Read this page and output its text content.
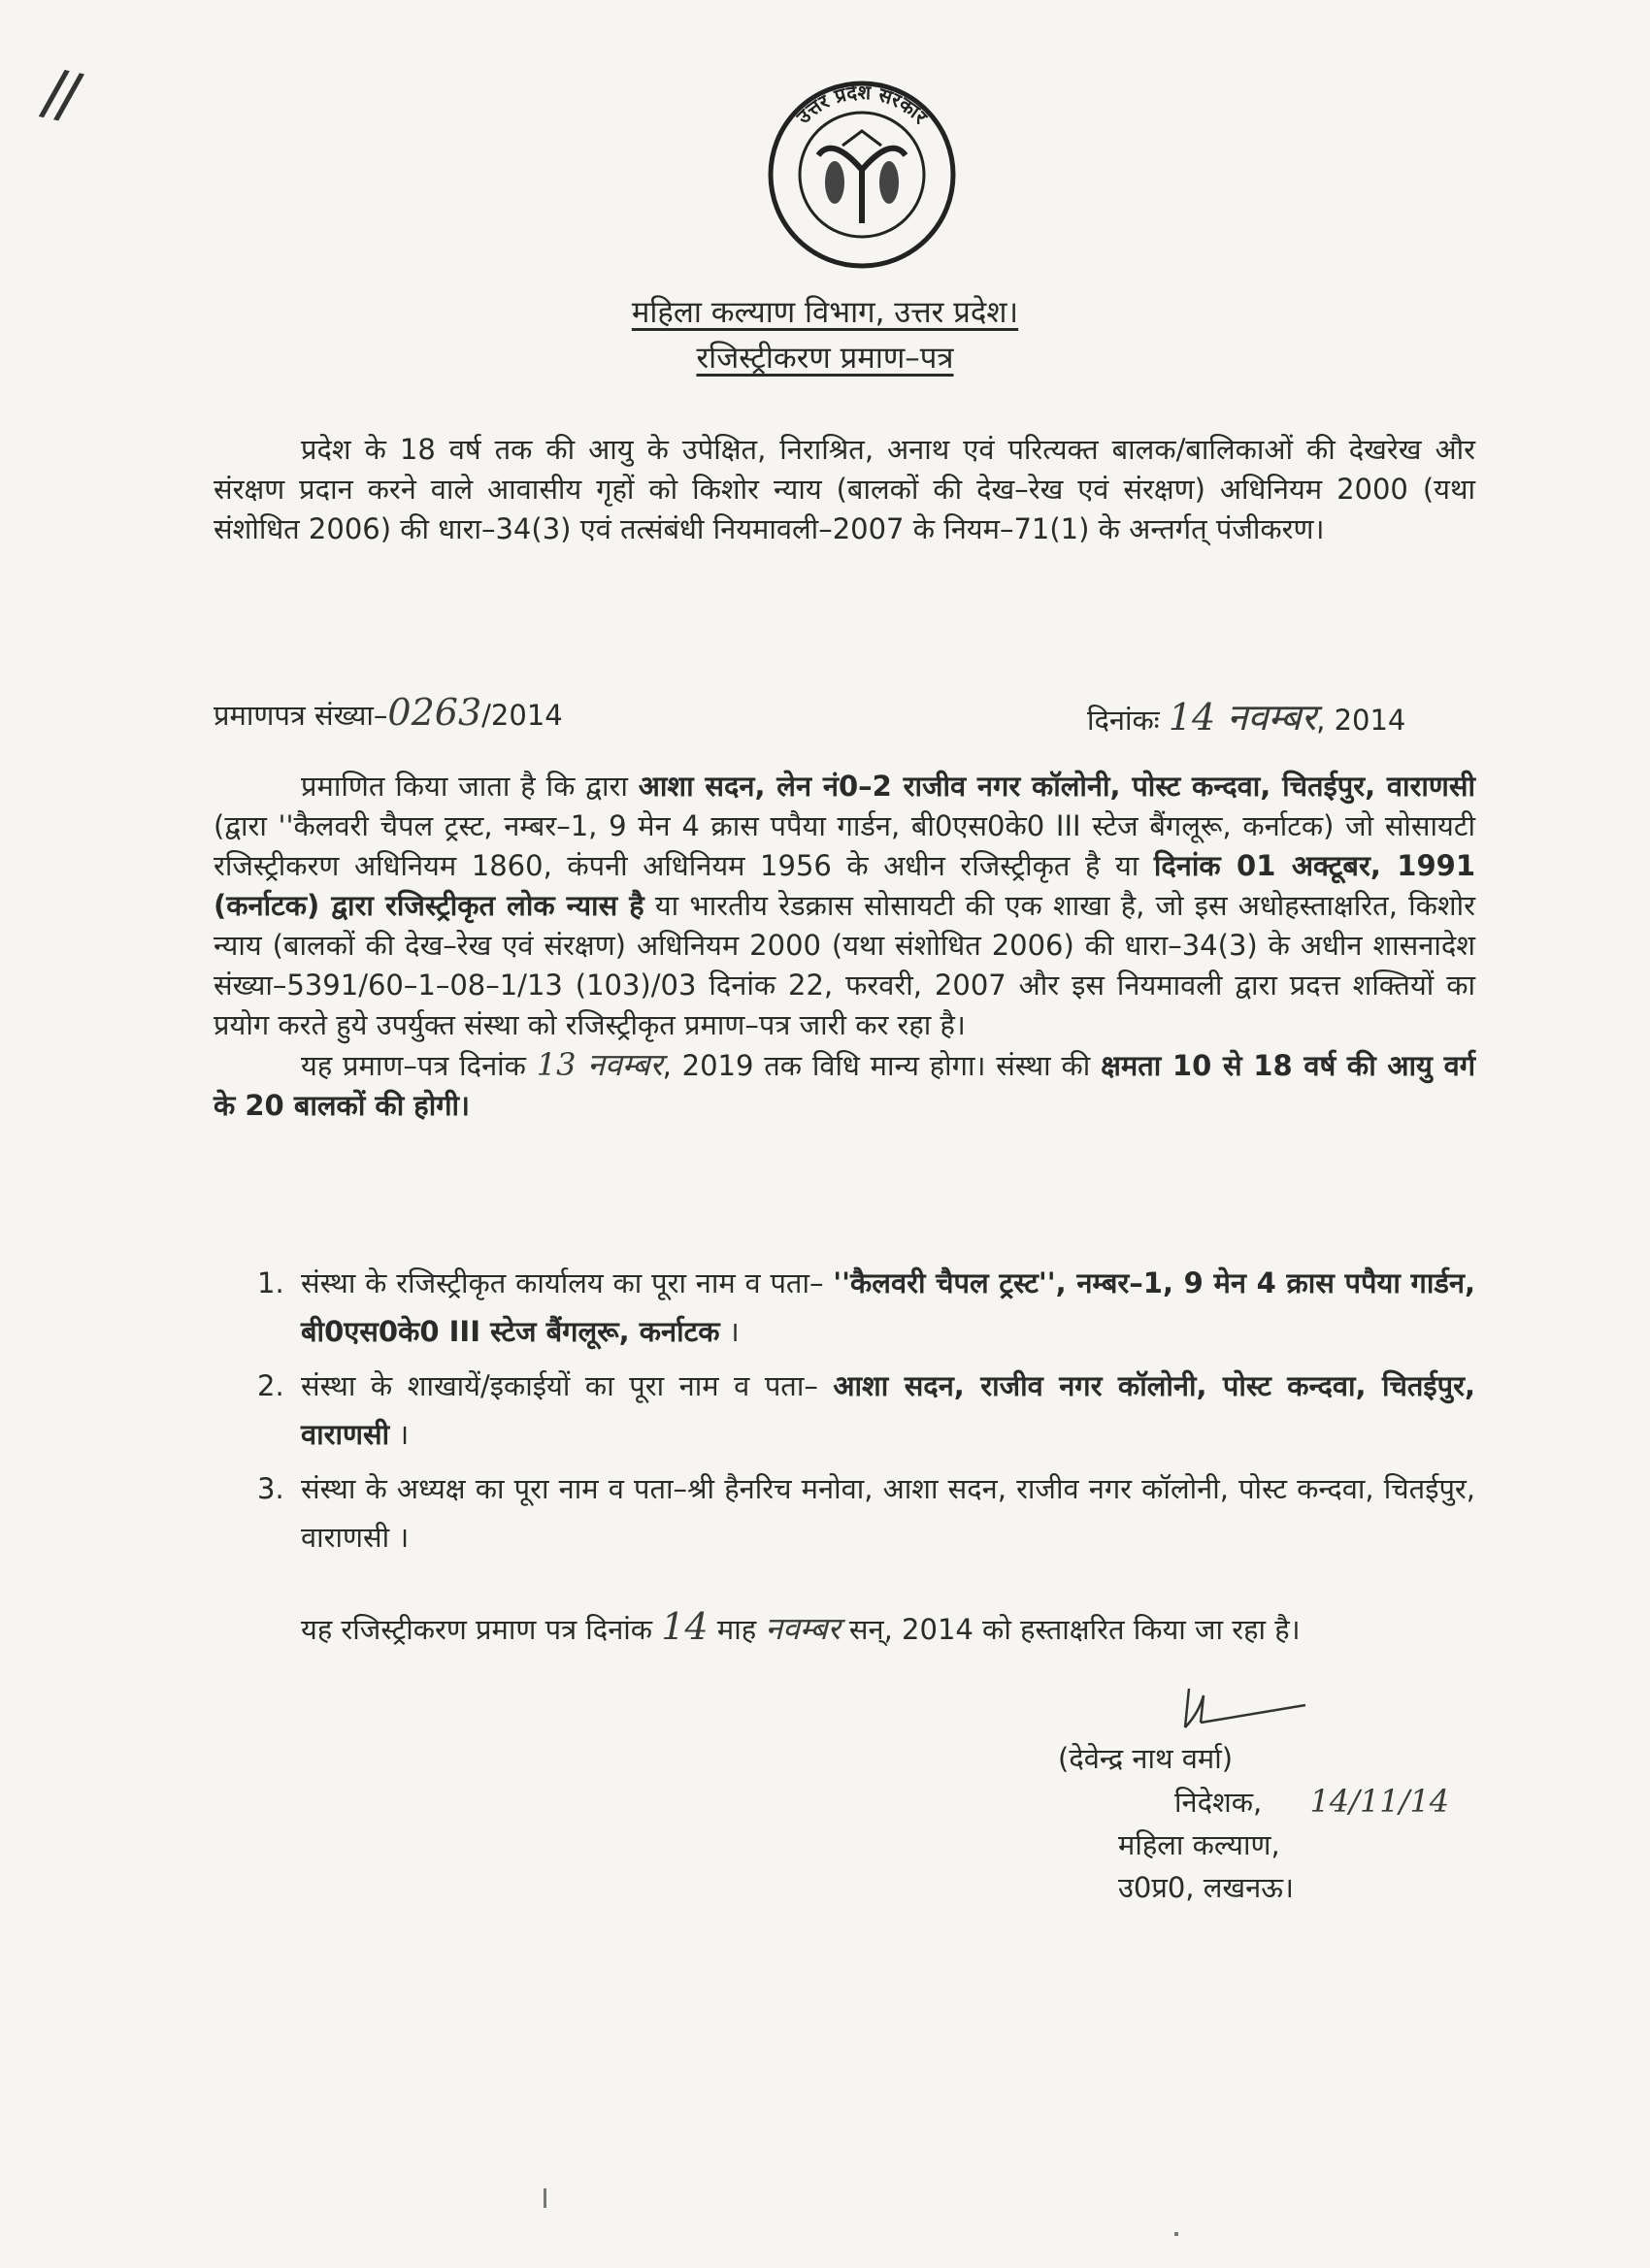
//	उत्तर प्रदेश सरकार
महिला कल्याण विभाग, उत्तर प्रदेश।
रजिस्ट्रीकरण प्रमाण–पत्र

प्रदेश के 18 वर्ष तक की आयु के उपेक्षित, निराश्रित, अनाथ एवं परित्यक्त बालक/बालिकाओं की देखरेख और संरक्षण प्रदान करने वाले आवासीय गृहों को किशोर न्याय (बालकों की देख–रेख एवं संरक्षण) अधिनियम 2000 (यथा संशोधित 2006) की धारा–34(3) एवं तत्संबंधी नियमावली–2007 के नियम–71(1) के अन्तर्गत् पंजीकरण।

प्रमाणपत्र संख्या–0263/2014	दिनांकः 14 नवम्बर, 2014

प्रमाणित किया जाता है कि द्वारा आशा सदन, लेन नं0–2 राजीव नगर कॉलोनी, पोस्ट कन्दवा, चितईपुर, वाराणसी (द्वारा ''कैलवरी चैपल ट्रस्ट, नम्बर–1, 9 मेन 4 क्रास पपैया गार्डन, बी0एस0के0 III स्टेज बैंगलूरू, कर्नाटक) जो सोसायटी रजिस्ट्रीकरण अधिनियम 1860, कंपनी अधिनियम 1956 के अधीन रजिस्ट्रीकृत है या दिनांक 01 अक्टूबर, 1991 (कर्नाटक) द्वारा रजिस्ट्रीकृत लोक न्यास है या भारतीय रेडक्रास सोसायटी की एक शाखा है, जो इस अधोहस्ताक्षरित, किशोर न्याय (बालकों की देख–रेख एवं संरक्षण) अधिनियम 2000 (यथा संशोधित 2006) की धारा–34(3) के अधीन शासनादेश संख्या–5391/60–1–08–1/13 (103)/03 दिनांक 22, फरवरी, 2007 और इस नियमावली द्वारा प्रदत्त शक्तियों का प्रयोग करते हुये उपर्युक्त संस्था को रजिस्ट्रीकृत प्रमाण–पत्र जारी कर रहा है।

यह प्रमाण–पत्र दिनांक 13 नवम्बर, 2019 तक विधि मान्य होगा। संस्था की क्षमता 10 से 18 वर्ष की आयु वर्ग के 20 बालकों की होगी।

1. संस्था के रजिस्ट्रीकृत कार्यालय का पूरा नाम व पता– ''कैलवरी चैपल ट्रस्ट'', नम्बर–1, 9 मेन 4 क्रास पपैया गार्डन, बी0एस0के0 III स्टेज बैंगलूरू, कर्नाटक ।
2. संस्था के शाखायें/इकाईयों का पूरा नाम व पता– आशा सदन, राजीव नगर कॉलोनी, पोस्ट कन्दवा, चितईपुर, वाराणसी ।
3. संस्था के अध्यक्ष का पूरा नाम व पता–श्री हैनरिच मनोवा, आशा सदन, राजीव नगर कॉलोनी, पोस्ट कन्दवा, चितईपुर, वाराणसी ।

यह रजिस्ट्रीकरण प्रमाण पत्र दिनांक 14 माह नवम्बर सन्, 2014 को हस्ताक्षरित किया जा रहा है।

(देवेन्द्र नाथ वर्मा)
निदेशक, 14/11/14
महिला कल्याण,
उ0प्र0, लखनऊ।
